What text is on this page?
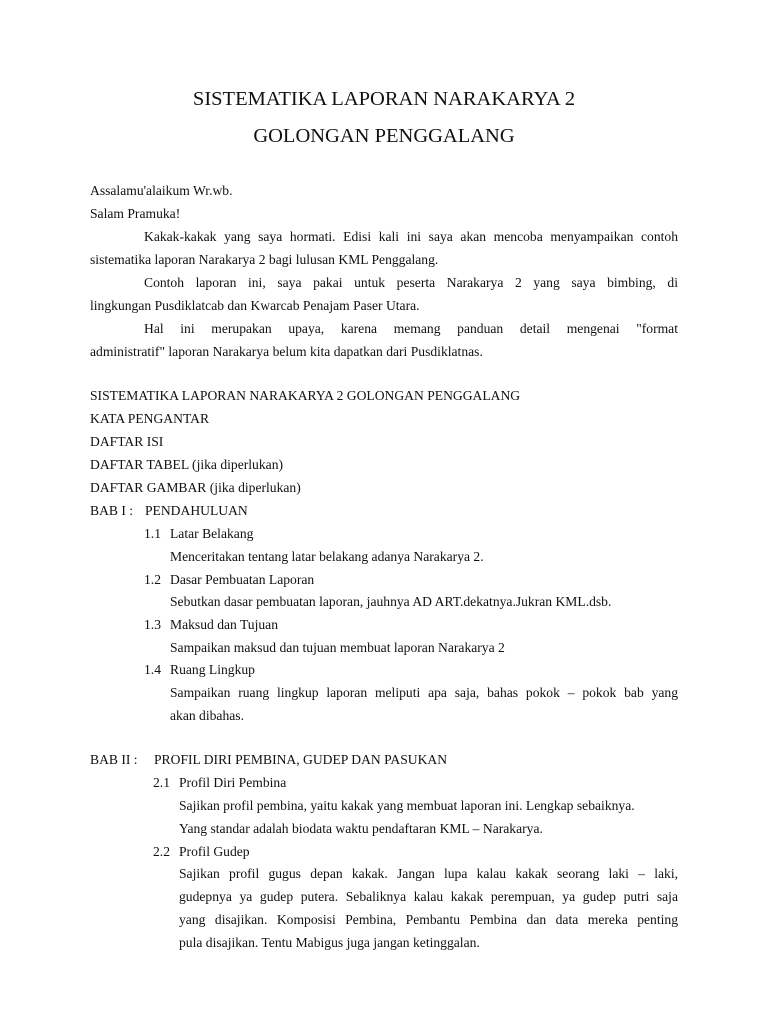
SISTEMATIKA LAPORAN NARAKARYA 2
GOLONGAN PENGGALANG
Assalamu'alaikum Wr.wb.
Salam Pramuka!
Kakak-kakak yang saya hormati. Edisi kali ini saya akan mencoba menyampaikan contoh
sistematika laporan Narakarya 2 bagi lulusan KML Penggalang.
Contoh laporan ini, saya pakai untuk peserta Narakarya 2 yang saya bimbing, di
lingkungan Pusdiklatcab dan Kwarcab Penajam Paser Utara.
Hal ini merupakan upaya, karena memang panduan detail mengenai "format
administratif" laporan Narakarya belum kita dapatkan dari Pusdiklatnas.
SISTEMATIKA LAPORAN NARAKARYA 2 GOLONGAN PENGGALANG
KATA PENGANTAR
DAFTAR ISI
DAFTAR TABEL (jika diperlukan)
DAFTAR GAMBAR (jika diperlukan)
BAB I : PENDAHULUAN
1.1 Latar Belakang
Menceritakan tentang latar belakang adanya Narakarya 2.
1.2 Dasar Pembuatan Laporan
Sebutkan dasar pembuatan laporan, jauhnya AD ART.dekatnya.Jukran KML.dsb.
1.3 Maksud dan Tujuan
Sampaikan maksud dan tujuan membuat laporan Narakarya 2
1.4 Ruang Lingkup
Sampaikan ruang lingkup laporan meliputi apa saja, bahas pokok – pokok bab yang
akan dibahas.
BAB II : PROFIL DIRI PEMBINA, GUDEP DAN PASUKAN
2.1 Profil Diri Pembina
Sajikan profil pembina, yaitu kakak yang membuat laporan ini. Lengkap sebaiknya.
Yang standar adalah biodata waktu pendaftaran KML – Narakarya.
2.2 Profil Gudep
Sajikan profil gugus depan kakak. Jangan lupa kalau kakak seorang laki – laki,
gudepnya ya gudep putera. Sebaliknya kalau kakak perempuan, ya gudep putri saja
yang disajikan. Komposisi Pembina, Pembantu Pembina dan data mereka penting
pula disajikan. Tentu Mabigus juga jangan ketinggalan.
